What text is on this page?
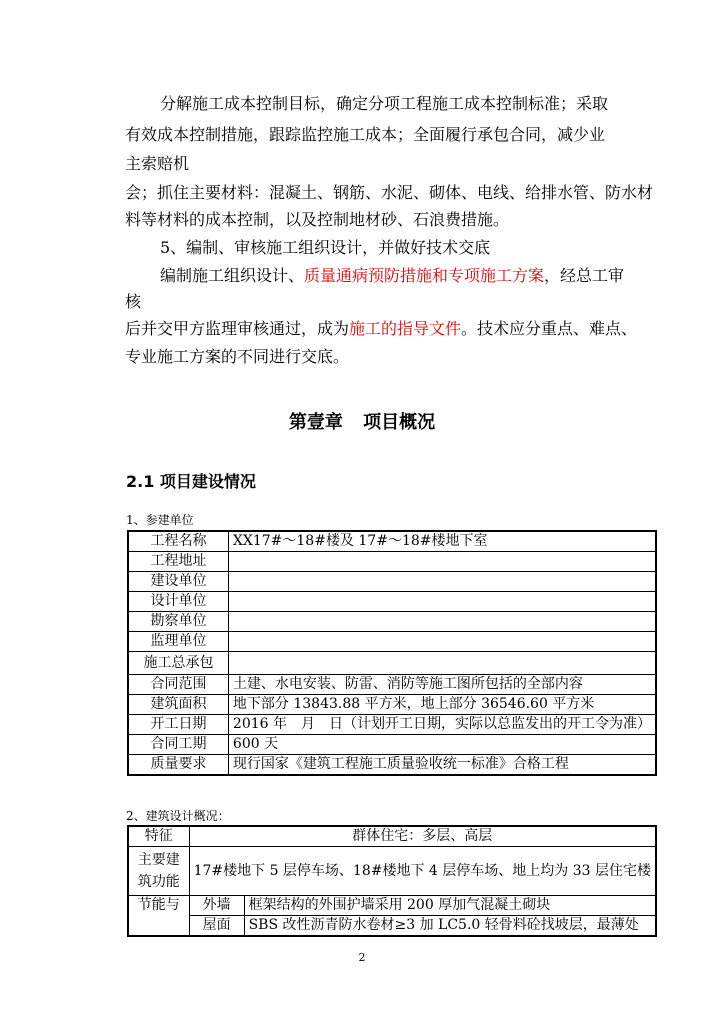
分解施工成本控制目标，确定分项工程施工成本控制标准；采取
有效成本控制措施，跟踪监控施工成本；全面履行承包合同，减少业
主索赔机
会；抓住主要材料：混凝土、钢筋、水泥、砌体、电线、给排水管、防水材
料等材料的成本控制，以及控制地材砂、石浪费措施。
5、编制、审核施工组织设计，并做好技术交底
编制施工组织设计、质量通病预防措施和专项施工方案，经总工审
核
后并交甲方监理审核通过，成为施工的指导文件。技术应分重点、难点、
专业施工方案的不同进行交底。
第壹章 项目概况
2.1 项目建设情况
1、参建单位
工程名称	XX17#～18#楼及 17#～18#楼地下室
工程地址	
建设单位	
设计单位	
勘察单位	
监理单位	
施工总承包	
合同范围	土建、水电安装、防雷、消防等施工图所包括的全部内容
建筑面积	地下部分 13843.88 平方米，地上部分 36546.60 平方米
开工日期	2016 年　月　日（计划开工日期，实际以总监发出的开工令为准）
合同工期	600 天
质量要求	现行国家《建筑工程施工质量验收统一标准》合格工程
2、建筑设计概况：
特征	群体住宅：多层、高层	
主要建
筑功能	17#楼地下 5 层停车场、18#楼地下 4 层停车场、地上均为 33 层住宅楼	
节能与	外墙	框架结构的外围护墙采用 200 厚加气混凝土砌块
	屋面	SBS 改性沥青防水卷材≥3 加 LC5.0 轻骨料砼找坡层，最薄处
2
